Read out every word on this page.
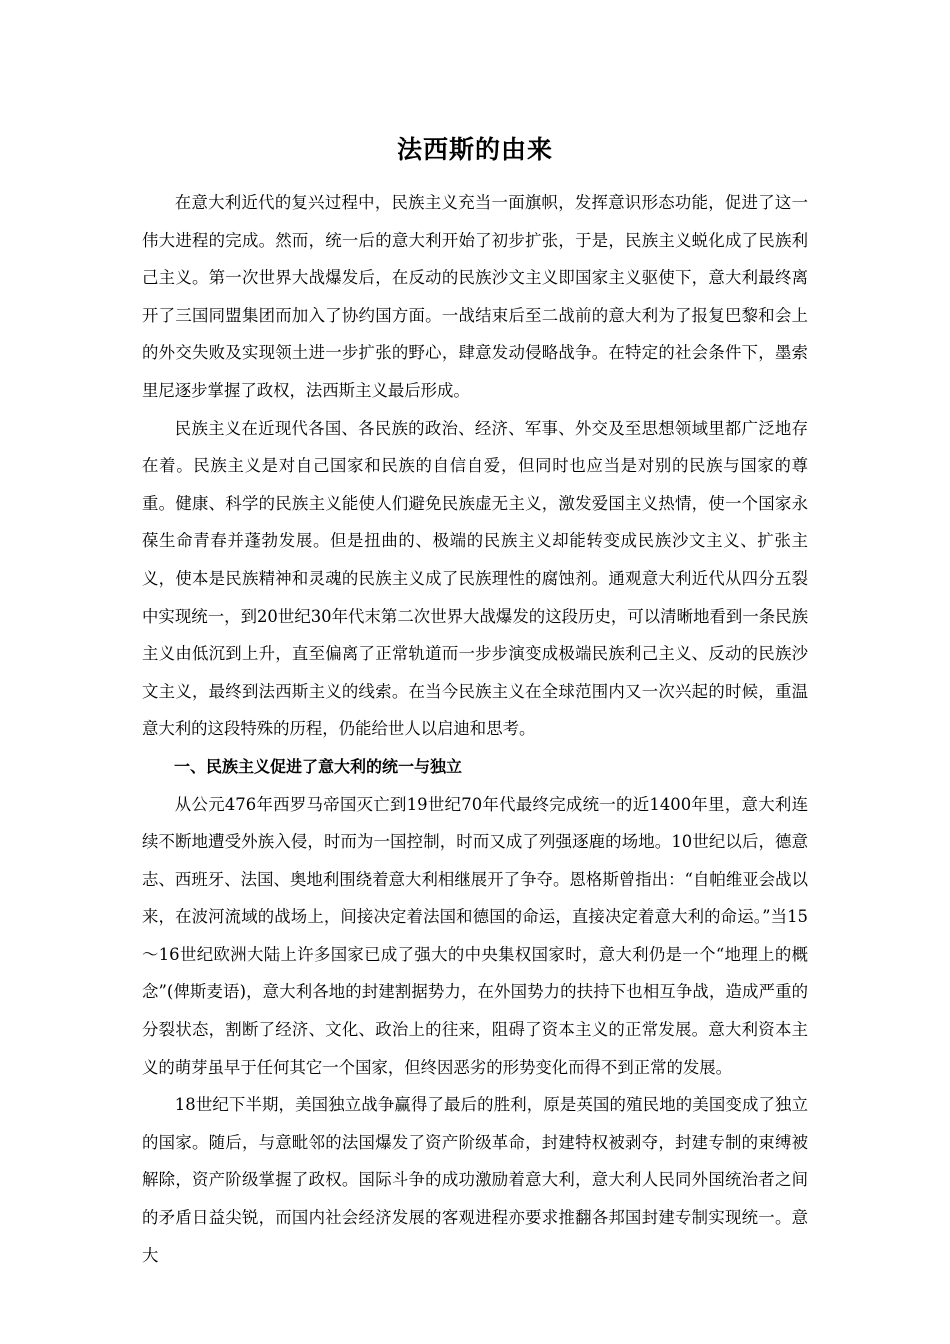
法西斯的由来

在意大利近代的复兴过程中，民族主义充当一面旗帜，发挥意识形态功能，促进了这一伟大进程的完成。然而，统一后的意大利开始了初步扩张，于是，民族主义蜕化成了民族利己主义。第一次世界大战爆发后，在反动的民族沙文主义即国家主义驱使下，意大利最终离开了三国同盟集团而加入了协约国方面。一战结束后至二战前的意大利为了报复巴黎和会上的外交失败及实现领土进一步扩张的野心，肆意发动侵略战争。在特定的社会条件下，墨索里尼逐步掌握了政权，法西斯主义最后形成。

民族主义在近现代各国、各民族的政治、经济、军事、外交及至思想领域里都广泛地存在着。民族主义是对自己国家和民族的自信自爱，但同时也应当是对别的民族与国家的尊重。健康、科学的民族主义能使人们避免民族虚无主义，激发爱国主义热情，使一个国家永葆生命青春并蓬勃发展。但是扭曲的、极端的民族主义却能转变成民族沙文主义、扩张主义，使本是民族精神和灵魂的民族主义成了民族理性的腐蚀剂。通观意大利近代从四分五裂中实现统一，到20世纪30年代末第二次世界大战爆发的这段历史，可以清晰地看到一条民族主义由低沉到上升，直至偏离了正常轨道而一步步演变成极端民族利己主义、反动的民族沙文主义，最终到法西斯主义的线索。在当今民族主义在全球范围内又一次兴起的时候，重温意大利的这段特殊的历程，仍能给世人以启迪和思考。

一、民族主义促进了意大利的统一与独立

从公元476年西罗马帝国灭亡到19世纪70年代最终完成统一的近1400年里，意大利连续不断地遭受外族入侵，时而为一国控制，时而又成了列强逐鹿的场地。10世纪以后，德意志、西班牙、法国、奥地利围绕着意大利相继展开了争夺。恩格斯曾指出：“自帕维亚会战以来，在波河流域的战场上，间接决定着法国和德国的命运，直接决定着意大利的命运。”当15～16世纪欧洲大陆上许多国家已成了强大的中央集权国家时，意大利仍是一个“地理上的概念”(俾斯麦语)，意大利各地的封建割据势力，在外国势力的扶持下也相互争战，造成严重的分裂状态，割断了经济、文化、政治上的往来，阻碍了资本主义的正常发展。意大利资本主义的萌芽虽早于任何其它一个国家，但终因恶劣的形势变化而得不到正常的发展。

18世纪下半期，美国独立战争赢得了最后的胜利，原是英国的殖民地的美国变成了独立的国家。随后，与意毗邻的法国爆发了资产阶级革命，封建特权被剥夺，封建专制的束缚被解除，资产阶级掌握了政权。国际斗争的成功激励着意大利，意大利人民同外国统治者之间的矛盾日益尖锐，而国内社会经济发展的客观进程亦要求推翻各邦国封建专制实现统一。意大
